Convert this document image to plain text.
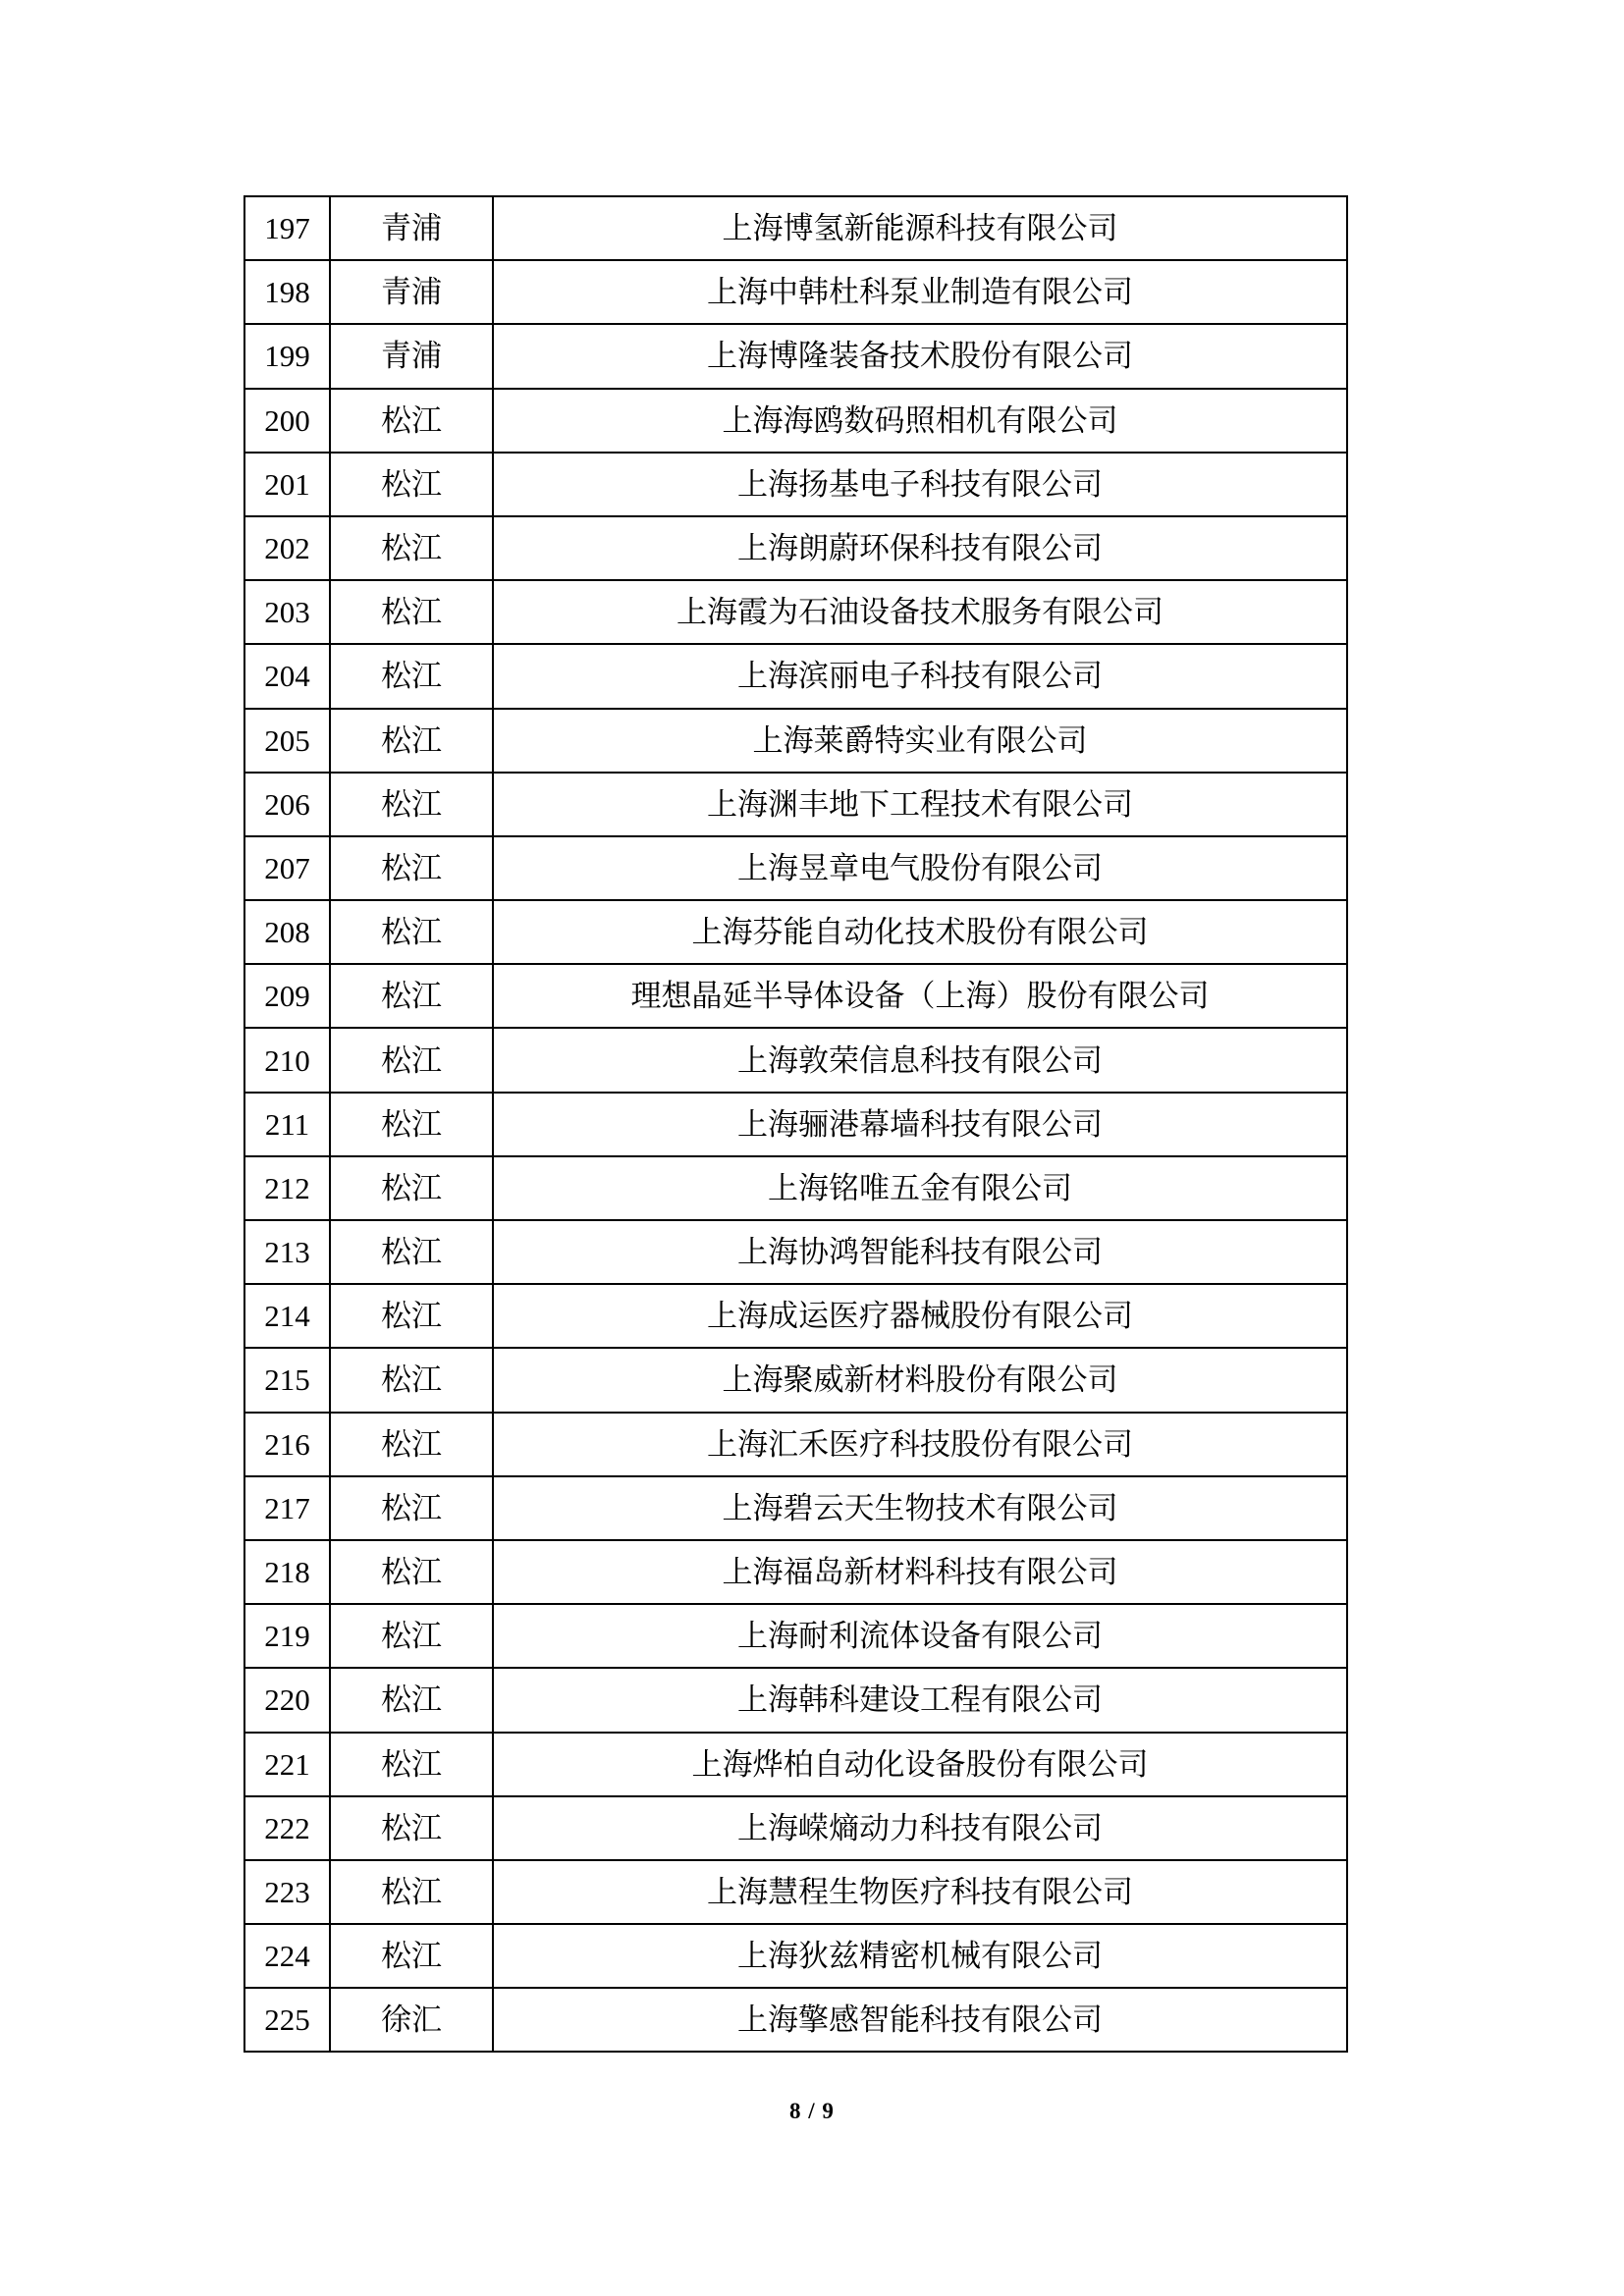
197	青浦	上海博氢新能源科技有限公司
198	青浦	上海中韩杜科泵业制造有限公司
199	青浦	上海博隆装备技术股份有限公司
200	松江	上海海鸥数码照相机有限公司
201	松江	上海扬基电子科技有限公司
202	松江	上海朗蔚环保科技有限公司
203	松江	上海霞为石油设备技术服务有限公司
204	松江	上海滨丽电子科技有限公司
205	松江	上海莱爵特实业有限公司
206	松江	上海渊丰地下工程技术有限公司
207	松江	上海昱章电气股份有限公司
208	松江	上海芬能自动化技术股份有限公司
209	松江	理想晶延半导体设备（上海）股份有限公司
210	松江	上海敦荣信息科技有限公司
211	松江	上海骊港幕墙科技有限公司
212	松江	上海铭唯五金有限公司
213	松江	上海协鸿智能科技有限公司
214	松江	上海成运医疗器械股份有限公司
215	松江	上海聚威新材料股份有限公司
216	松江	上海汇禾医疗科技股份有限公司
217	松江	上海碧云天生物技术有限公司
218	松江	上海福岛新材料科技有限公司
219	松江	上海耐利流体设备有限公司
220	松江	上海韩科建设工程有限公司
221	松江	上海烨柏自动化设备股份有限公司
222	松江	上海嵘熵动力科技有限公司
223	松江	上海慧程生物医疗科技有限公司
224	松江	上海狄兹精密机械有限公司
225	徐汇	上海擎感智能科技有限公司
8 / 9
